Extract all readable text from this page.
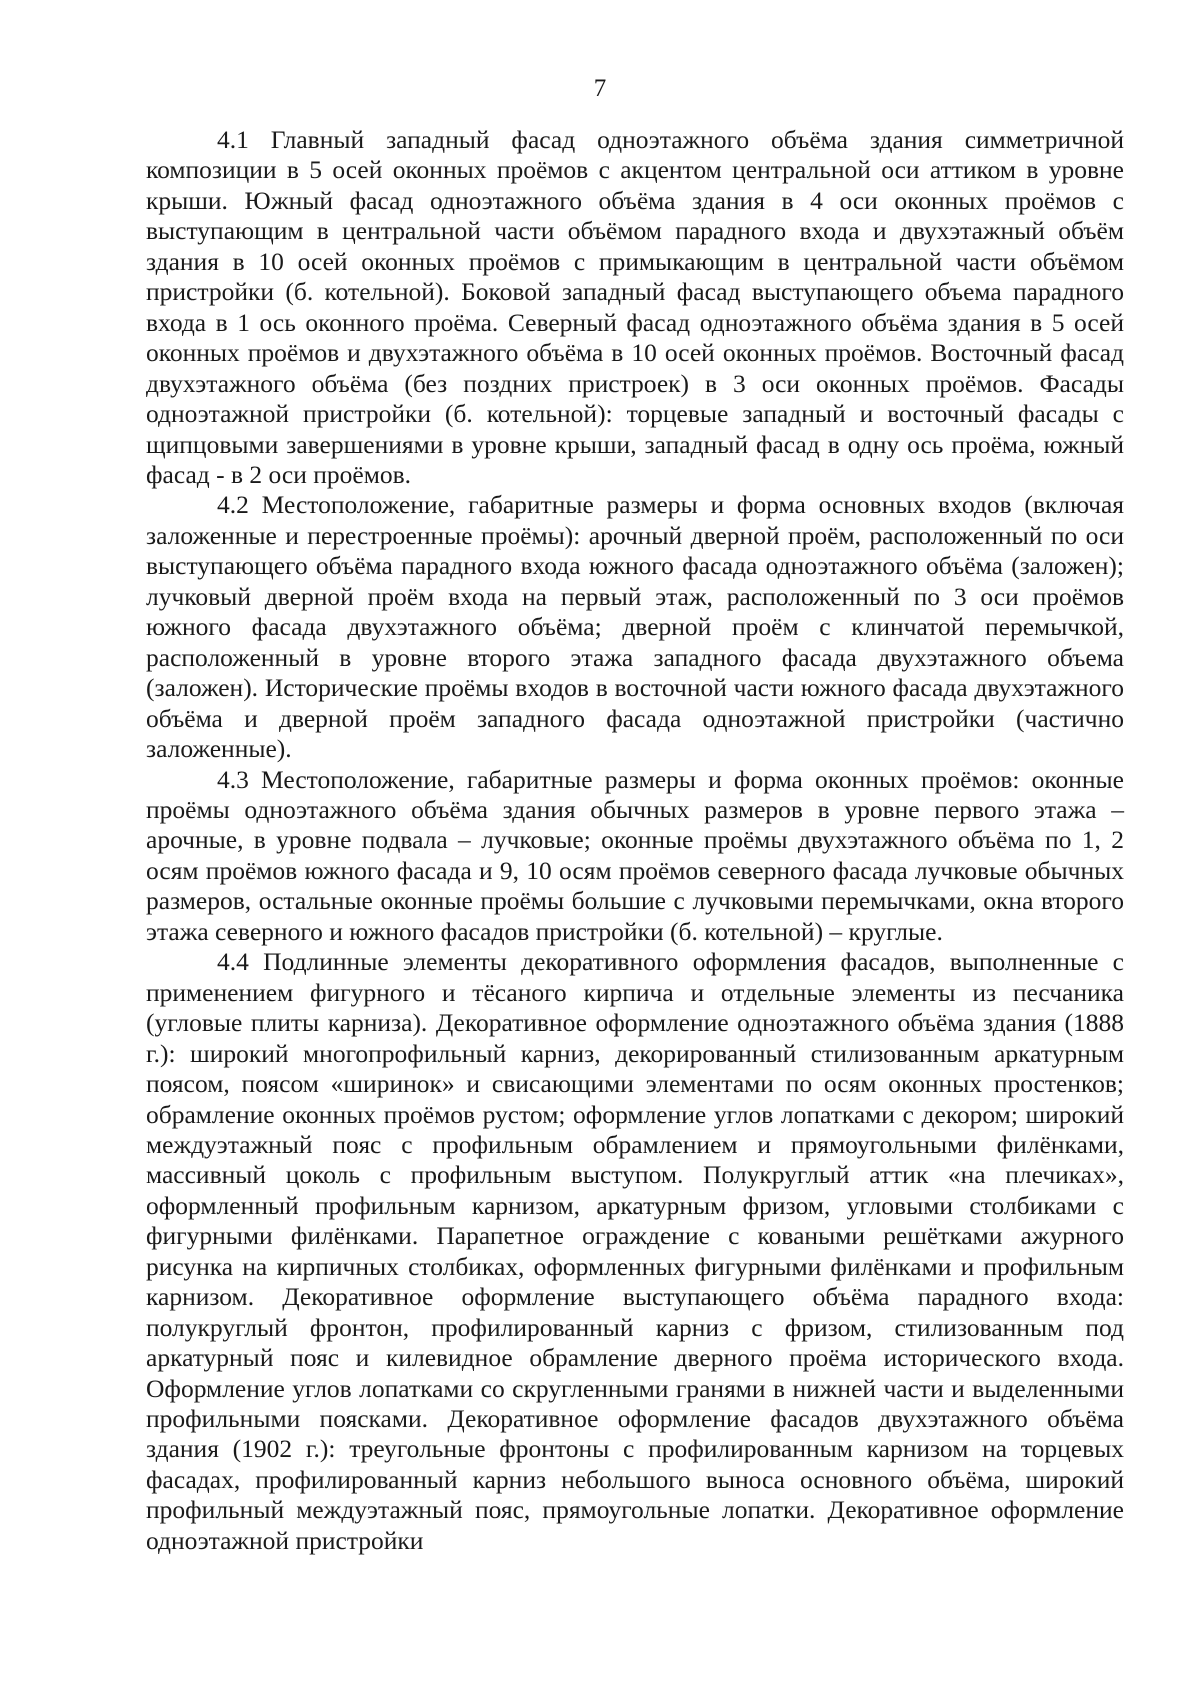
7

4.1 Главный западный фасад одноэтажного объёма здания симметричной композиции в 5 осей оконных проёмов с акцентом центральной оси аттиком в уровне крыши. Южный фасад одноэтажного объёма здания в 4 оси оконных проёмов с выступающим в центральной части объёмом парадного входа и двухэтажный объём здания в 10 осей оконных проёмов с примыкающим в центральной части объёмом пристройки (б. котельной). Боковой западный фасад выступающего объема парадного входа в 1 ось оконного проёма. Северный фасад одноэтажного объёма здания в 5 осей оконных проёмов и двухэтажного объёма в 10 осей оконных проёмов. Восточный фасад двухэтажного объёма (без поздних пристроек) в 3 оси оконных проёмов. Фасады одноэтажной пристройки (б. котельной): торцевые западный и восточный фасады с щипцовыми завершениями в уровне крыши, западный фасад в одну ось проёма, южный фасад - в 2 оси проёмов.

4.2 Местоположение, габаритные размеры и форма основных входов (включая заложенные и перестроенные проёмы): арочный дверной проём, расположенный по оси выступающего объёма парадного входа южного фасада одноэтажного объёма (заложен); лучковый дверной проём входа на первый этаж, расположенный по 3 оси проёмов южного фасада двухэтажного объёма; дверной проём с клинчатой перемычкой, расположенный в уровне второго этажа западного фасада двухэтажного объема (заложен). Исторические проёмы входов в восточной части южного фасада двухэтажного объёма и дверной проём западного фасада одноэтажной пристройки (частично заложенные).

4.3 Местоположение, габаритные размеры и форма оконных проёмов: оконные проёмы одноэтажного объёма здания обычных размеров в уровне первого этажа – арочные, в уровне подвала – лучковые; оконные проёмы двухэтажного объёма по 1, 2 осям проёмов южного фасада и 9, 10 осям проёмов северного фасада лучковые обычных размеров, остальные оконные проёмы большие с лучковыми перемычками, окна второго этажа северного и южного фасадов пристройки (б. котельной) – круглые.

4.4 Подлинные элементы декоративного оформления фасадов, выполненные с применением фигурного и тёсаного кирпича и отдельные элементы из песчаника (угловые плиты карниза). Декоративное оформление одноэтажного объёма здания (1888 г.): широкий многопрофильный карниз, декорированный стилизованным аркатурным поясом, поясом «ширинок» и свисающими элементами по осям оконных простенков; обрамление оконных проёмов рустом; оформление углов лопатками с декором; широкий междуэтажный пояс с профильным обрамлением и прямоугольными филёнками, массивный цоколь с профильным выступом. Полукруглый аттик «на плечиках», оформленный профильным карнизом, аркатурным фризом, угловыми столбиками с фигурными филёнками. Парапетное ограждение с коваными решётками ажурного рисунка на кирпичных столбиках, оформленных фигурными филёнками и профильным карнизом. Декоративное оформление выступающего объёма парадного входа: полукруглый фронтон, профилированный карниз с фризом, стилизованным под аркатурный пояс и килевидное обрамление дверного проёма исторического входа. Оформление углов лопатками со скругленными гранями в нижней части и выделенными профильными поясками. Декоративное оформление фасадов двухэтажного объёма здания (1902 г.): треугольные фронтоны с профилированным карнизом на торцевых фасадах, профилированный карниз небольшого выноса основного объёма, широкий профильный междуэтажный пояс, прямоугольные лопатки. Декоративное оформление одноэтажной пристройки
